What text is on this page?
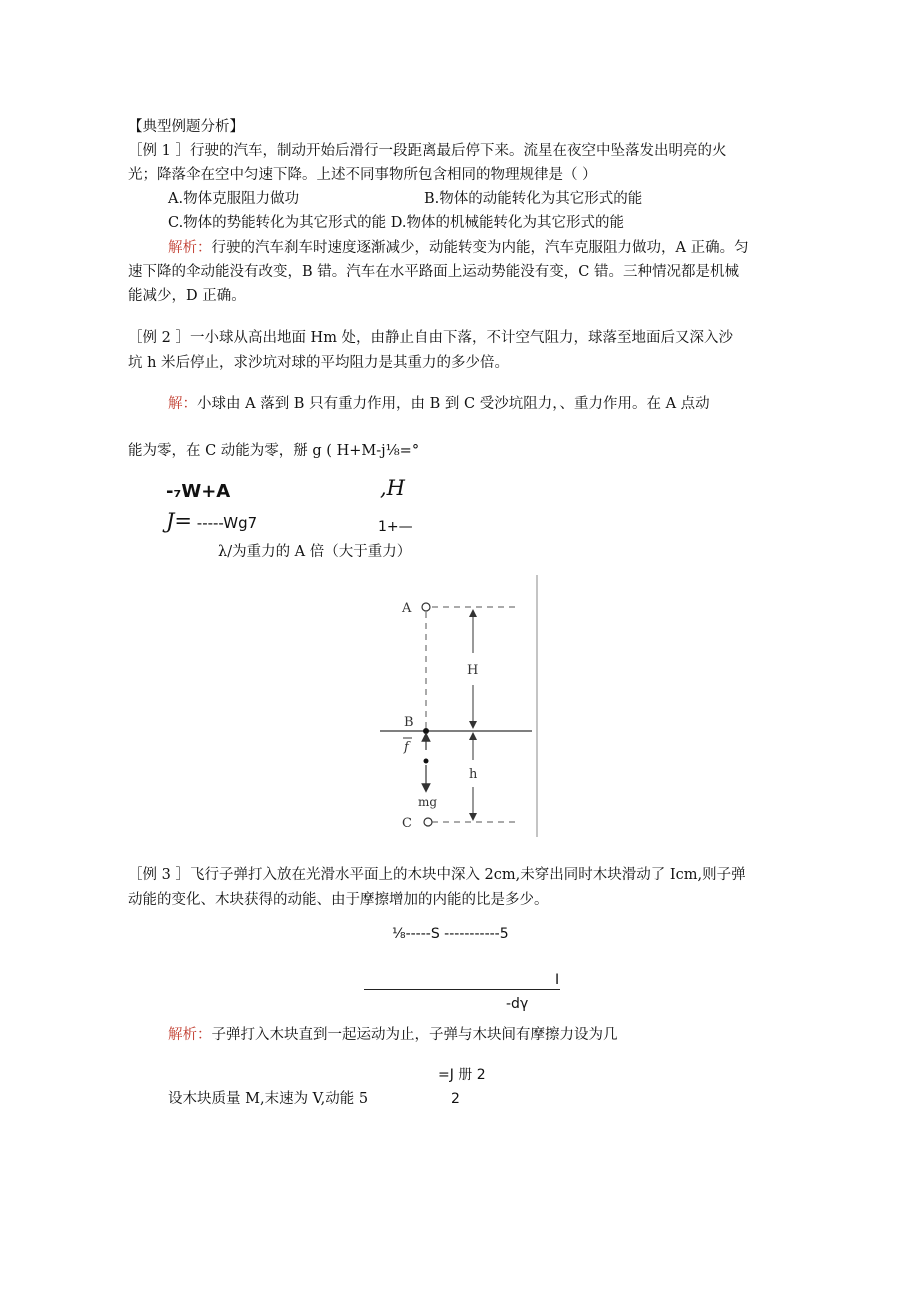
【典型例题分析】
［例 1 ］行驶的汽车，制动开始后滑行一段距离最后停下来。流星在夜空中坠落发出明亮的火
光；降落伞在空中匀速下降。上述不同事物所包含相同的物理规律是（ ）
A.物体克服阻力做功	B.物体的动能转化为其它形式的能
C.物体的势能转化为其它形式的能 D.物体的机械能转化为其它形式的能
解析：行驶的汽车刹车时速度逐渐减少，动能转变为内能，汽车克服阻力做功，A 正确。匀
速下降的伞动能没有改变，B 错。汽车在水平路面上运动势能没有变，C 错。三种情况都是机械
能减少，D 正确。
［例 2 ］一小球从高出地面 Hm 处，由静止自由下落，不计空气阻力，球落至地面后又深入沙
坑 h 米后停止，求沙坑对球的平均阻力是其重力的多少倍。
解：小球由 A 落到 B 只有重力作用，由 B 到 C 受沙坑阻力，、重力作用。在 A 点动
能为零，在 C 动能为零，掰 g ( H+M-j⅛=°
-₇W+A	,H
J= -----Wg7	1+—
λ/为重力的 A 倍（大于重力）
A
B
f
mg
C
H
h
［例 3 ］飞行子弹打入放在光滑水平面上的木块中深入 2cm,未穿出同时木块滑动了 Icm,则子弹
动能的变化、木块获得的动能、由于摩擦增加的内能的比是多少。
⅛-----S -----------5
I
-dγ
解析：子弹打入木块直到一起运动为止，子弹与木块间有摩擦力设为几
=J 册 2
设木块质量 M,末速为 V,动能 5	2
